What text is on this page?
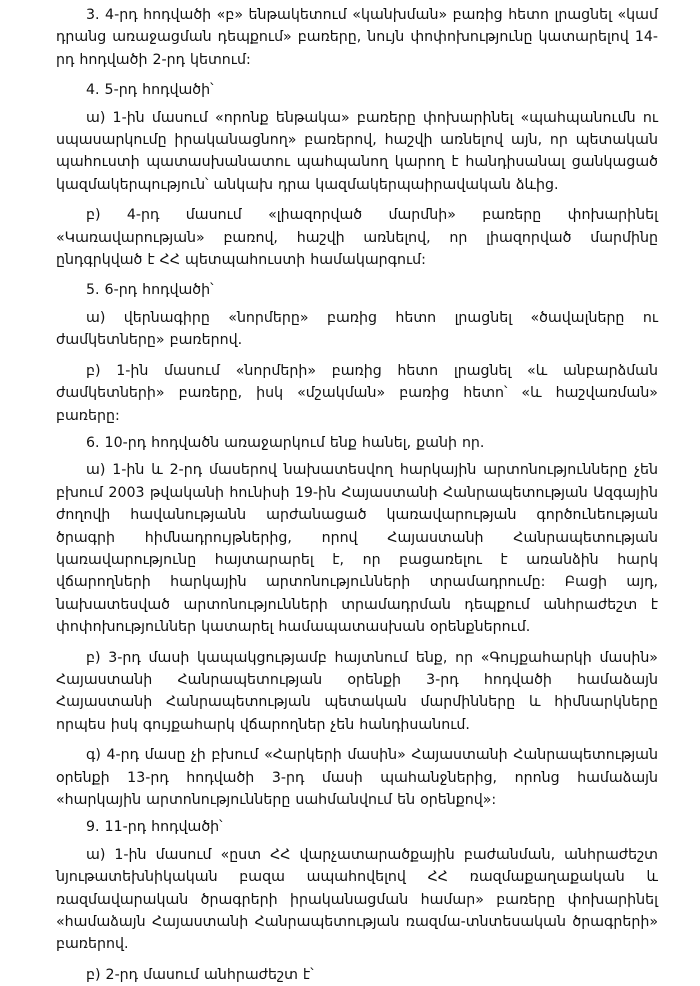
3. 4-րդ հոդվածի «բ» ենթակետում «կանխման» բառից հետո լրացնել «կամ դրանց առաջացման դեպքում» բառերը, նույն փոփոխությունը կատարելով 14-րդ հոդվածի 2-րդ կետում:

4. 5-րդ հոդվածի՝

ա) 1-ին մասում «որոնք ենթակա» բառերը փոխարինել «պահպանումն ու սպասարկումը իրականացնող» բառերով, հաշվի առնելով այն, որ պետական պահուստի պատասխանատու պահպանող կարող է հանդիսանալ ցանկացած կազմակերպություն՝ անկախ դրա կազմակերպաիրավական ձևից.

բ) 4-րդ մասում «լիազորված մարմնի» բառերը փոխարինել «Կառավարության» բառով, հաշվի առնելով, որ լիազորված մարմինը ընդգրկված է ՀՀ պետպահուստի համակարգում:

5. 6-րդ հոդվածի՝

ա) վերնագիրը «նորմերը» բառից հետո լրացնել «ծավալները ու ժամկետները» բառերով.

բ) 1-ին մասում «նորմերի» բառից հետո լրացնել «և անբարձման ժամկետների» բառերը, իսկ «մշակման» բառից հետո՝ «և հաշվառման» բառերը:

6. 10-րդ հոդվածն առաջարկում ենք հանել, քանի որ.

ա) 1-ին և 2-րդ մասերով նախատեսվող հարկային արտոնությունները չեն բխում 2003 թվականի հունիսի 19-ին Հայաստանի Հանրապետության Ազգային ժողովի հավանությանն արժանացած կառավարության գործունեության ծրագրի հիմնադրույթներից, որով Հայաստանի Հանրապետության կառավարությունը հայտարարել է, որ բացառելու է առանձին հարկ վճարողների հարկային արտոնությունների տրամադրումը: Բացի այդ, նախատեսված արտոնությունների տրամադրման դեպքում անհրաժեշտ է փոփոխություններ կատարել համապատասխան օրենքներում.

բ) 3-րդ մասի կապակցությամբ հայտնում ենք, որ «Գույքահարկի մասին» Հայաստանի Հանրապետության օրենքի 3-րդ հոդվածի համաձայն Հայաստանի Հանրապետության պետական մարմինները և հիմնարկները որպես իսկ գույքահարկ վճարողներ չեն հանդիսանում.

գ) 4-րդ մասը չի բխում «Հարկերի մասին» Հայաստանի Հանրապետության օրենքի 13-րդ հոդվածի 3-րդ մասի պահանջներից, որոնց համաձայն «հարկային արտոնությունները սահմանվում են օրենքով»:

9. 11-րդ հոդվածի՝

ա) 1-ին մասում «ըստ ՀՀ վարչատարածքային բաժանման, անհրաժեշտ նյութատեխնիկական բազա ապահովելով ՀՀ ռազմաքաղաքական և ռազմավարական ծրագրերի իրականացման համար» բառերը փոխարինել «համաձայն Հայաստանի Հանրապետության ռազմա-տնտեսական ծրագրերի» բառերով.

բ) 2-րդ մասում անհրաժեշտ է՝
